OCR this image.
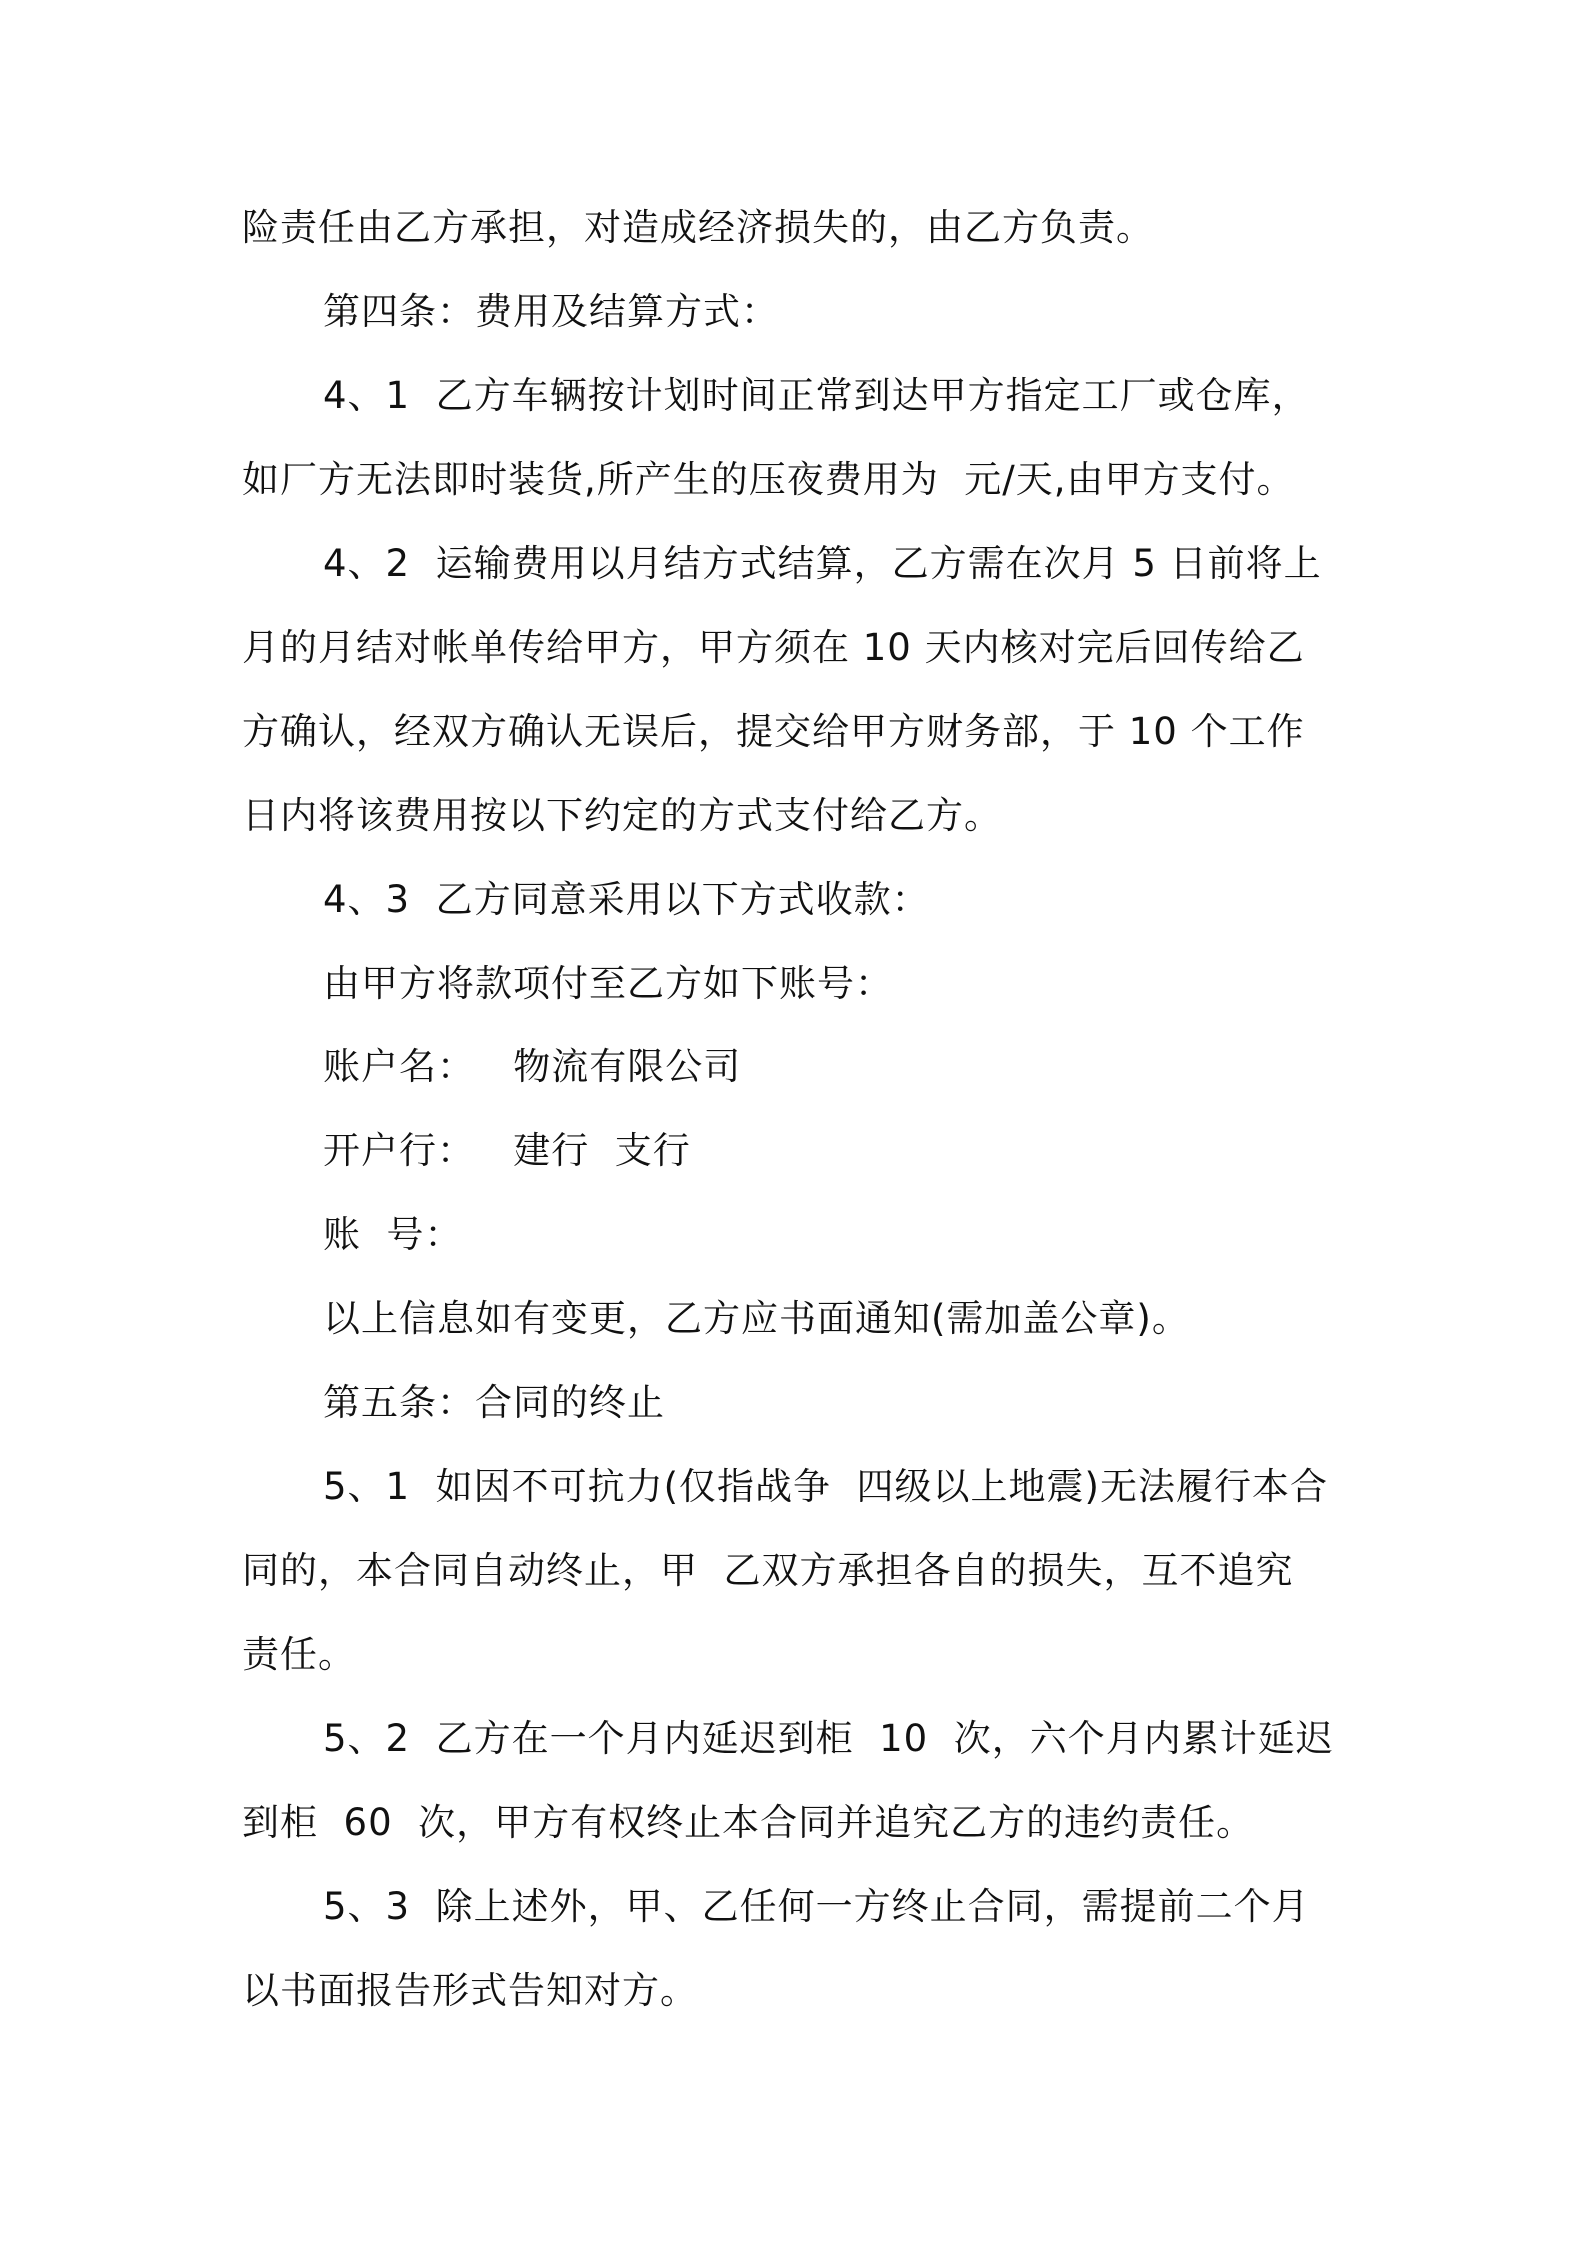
险责任由乙方承担，对造成经济损失的，由乙方负责。
第四条：费用及结算方式：
4、1  乙方车辆按计划时间正常到达甲方指定工厂或仓库，
如厂方无法即时装货,所产生的压夜费用为  元/天,由甲方支付。
4、2  运输费用以月结方式结算，乙方需在次月 5 日前将上
月的月结对帐单传给甲方，甲方须在 10 天内核对完后回传给乙
方确认，经双方确认无误后，提交给甲方财务部，于 10 个工作
日内将该费用按以下约定的方式支付给乙方。
4、3  乙方同意采用以下方式收款：
由甲方将款项付至乙方如下账号：
账户名：   物流有限公司
开户行：   建行  支行
账  号：
以上信息如有变更，乙方应书面通知(需加盖公章)。
第五条：合同的终止
5、1  如因不可抗力(仅指战争  四级以上地震)无法履行本合
同的，本合同自动终止，甲  乙双方承担各自的损失，互不追究
责任。
5、2  乙方在一个月内延迟到柜  10  次，六个月内累计延迟
到柜  60  次，甲方有权终止本合同并追究乙方的违约责任。
5、3  除上述外，甲、乙任何一方终止合同，需提前二个月
以书面报告形式告知对方。
